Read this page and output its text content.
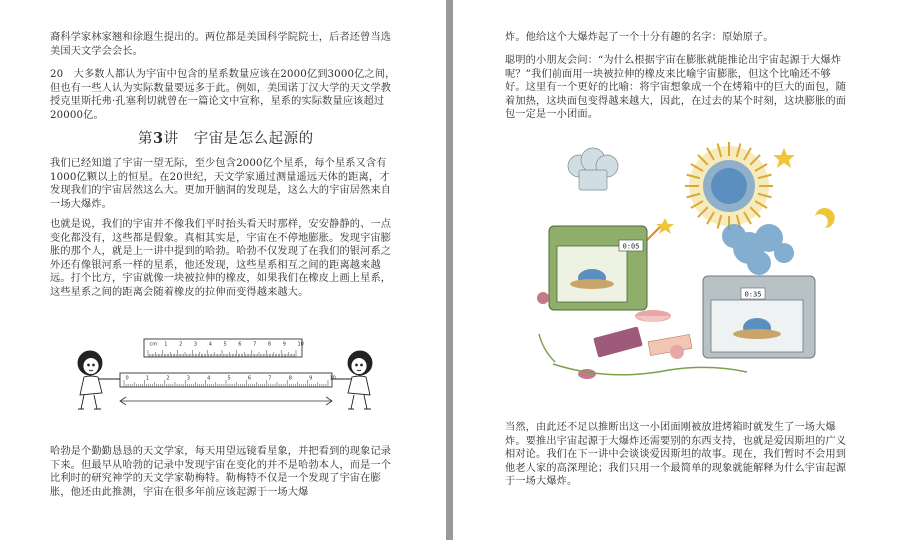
裔科学家林家翘和徐遐生提出的。两位都是美国科学院院士，后者还曾当选美国天文学会会长。

20　大多数人都认为宇宙中包含的星系数量应该在2000亿到3000亿之间，但也有一些人认为实际数量要远多于此。例如，美国诺丁汉大学的天文学教授克里斯托弗·孔塞利切就曾在一篇论文中宣称，星系的实际数量应该超过20000亿。

第3讲　宇宙是怎么起源的

我们已经知道了宇宙一望无际，至少包含2000亿个星系，每个星系又含有1000亿颗以上的恒星。在20世纪，天文学家通过测量遥远天体的距离，才发现我们的宇宙居然这么大。更加开脑洞的发现是，这么大的宇宙居然来自一场大爆炸。

也就是说，我们的宇宙并不像我们平时抬头看天时那样，安安静静的、一点变化都没有，这些都是假象。真相其实是，宇宙在不停地膨胀。发现宇宙膨胀的那个人，就是上一讲中提到的哈勃。哈勃不仅发现了在我们的银河系之外还有像银河系一样的星系，他还发现，这些星系相互之间的距离越来越远。打个比方，宇宙就像一块被拉伸的橡皮，如果我们在橡皮上画上星系，这些星系之间的距离会随着橡皮的拉伸而变得越来越大。

cm 1 2 3 4 5 6 7 8 9 10
0	1	2	3	4	5	6	7	8	9	10

哈勃是个勤勤恳恳的天文学家，每天用望远镜看星象，并把看到的现象记录下来。但最早从哈勃的记录中发现宇宙在变化的并不是哈勃本人，而是一个比利时的研究神学的天文学家勒梅特。勒梅特不仅是一个发现了宇宙在膨胀，他还由此推测，宇宙在很多年前应该起源于一场大爆

炸。他给这个大爆炸起了一个十分有趣的名字：原始原子。

聪明的小朋友会问：“为什么根据宇宙在膨胀就能推论出宇宙起源于大爆炸呢？”我们前面用一块被拉伸的橡皮来比喻宇宙膨胀，但这个比喻还不够好。这里有一个更好的比喻：将宇宙想象成一个在烤箱中的巨大的面包，随着加热，这块面包变得越来越大，因此，在过去的某个时刻，这块膨胀的面包一定是一小团面。

0:05
0:35

当然，由此还不足以推断出这一小团面刚被放进烤箱时就发生了一场大爆炸。要推出宇宙起源于大爆炸还需要别的东西支持，也就是爱因斯坦的广义相对论。我们在下一讲中会谈谈爱因斯坦的故事。现在，我们暂时不会用到他老人家的高深理论；我们只用一个最简单的现象就能解释为什么宇宙起源于一场大爆炸。
